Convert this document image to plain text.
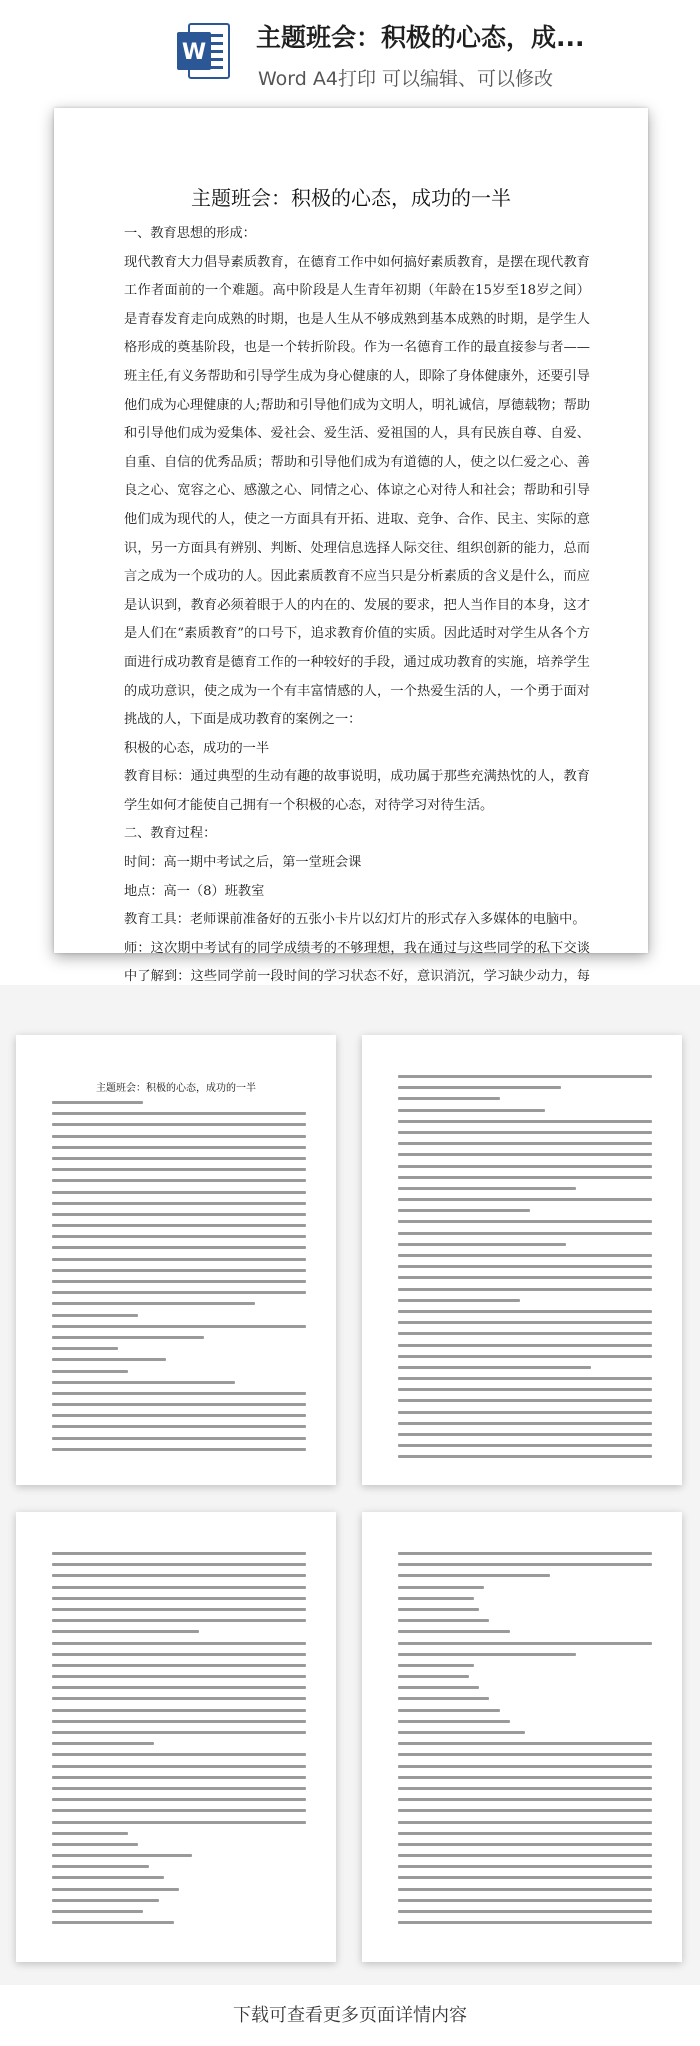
W
主题班会：积极的心态，成...
Word A4打印 可以编辑、可以修改
主题班会：积极的心态，成功的一半

一、教育思想的形成：

现代教育大力倡导素质教育，在德育工作中如何搞好素质教育，是摆在现代教育工作者面前的一个难题。高中阶段是人生青年初期（年龄在15岁至18岁之间）是青春发育走向成熟的时期，也是人生从不够成熟到基本成熟的时期，是学生人格形成的奠基阶段，也是一个转折阶段。作为一名德育工作的最直接参与者——班主任,有义务帮助和引导学生成为身心健康的人，即除了身体健康外，还要引导他们成为心理健康的人;帮助和引导他们成为文明人，明礼诚信，厚德载物；帮助和引导他们成为爱集体、爱社会、爱生活、爱祖国的人，具有民族自尊、自爱、自重、自信的优秀品质；帮助和引导他们成为有道德的人，使之以仁爱之心、善良之心、宽容之心、感激之心、同情之心、体谅之心对待人和社会；帮助和引导他们成为现代的人，使之一方面具有开拓、进取、竞争、合作、民主、实际的意识，另一方面具有辨别、判断、处理信息选择人际交往、组织创新的能力，总而言之成为一个成功的人。因此素质教育不应当只是分析素质的含义是什么，而应是认识到，教育必须着眼于人的内在的、发展的要求，把人当作目的本身，这才是人们在“素质教育”的口号下，追求教育价值的实质。因此适时对学生从各个方面进行成功教育是德育工作的一种较好的手段，通过成功教育的实施，培养学生的成功意识，使之成为一个有丰富情感的人，一个热爱生活的人，一个勇于面对挑战的人，下面是成功教育的案例之一：

积极的心态，成功的一半

教育目标：通过典型的生动有趣的故事说明，成功属于那些充满热忱的人，教育学生如何才能使自己拥有一个积极的心态，对待学习对待生活。

二、教育过程：

时间：高一期中考试之后，第一堂班会课

地点：高一（8）班教室

教育工具：老师课前准备好的五张小卡片以幻灯片的形式存入多媒体的电脑中。

师：这次期中考试有的同学成绩考的不够理想，我在通过与这些同学的私下交谈中了解到：这些同学前一段时间的学习状态不好，意识消沉，学习缺少动力，每

主题班会：积极的心态，成功的一半
下载可查看更多页面详情内容
